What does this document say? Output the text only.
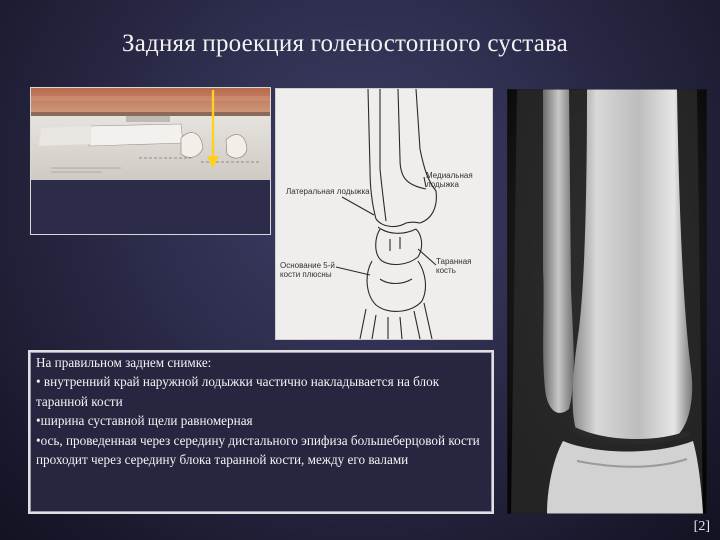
Задняя проекция голеностопного сустава
Латеральная лодыжка
Медиальная лодыжка
Таранная кость
Основание 5-й кости плюсны

На правильном заднем снимке:

• внутренний край наружной лодыжки частично накладывается на блок таранной кости

•ширина суставной щели равномерная

•ось, проведенная через середину дистального эпифиза большеберцовой кости проходит через середину блока таранной кости, между его валами

[2]
